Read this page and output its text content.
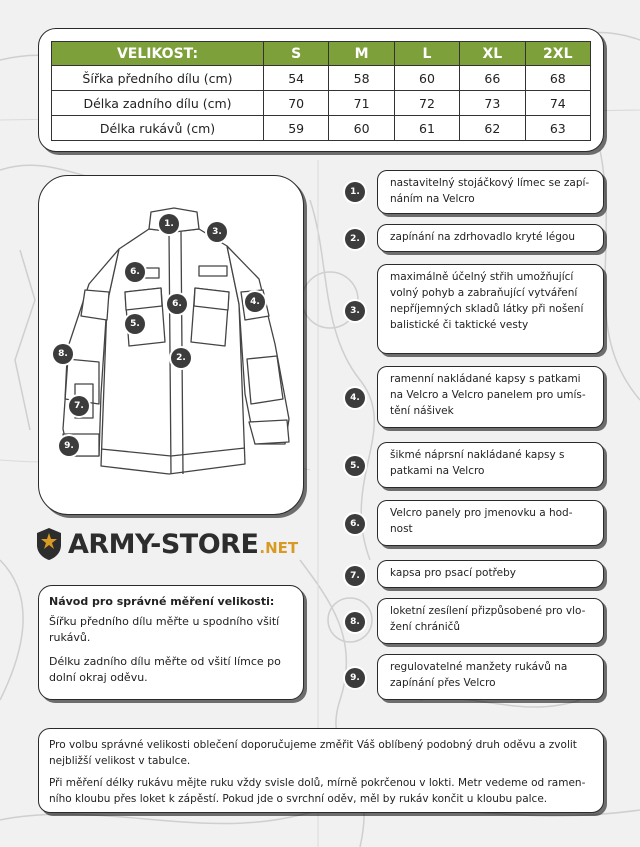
VELIKOST:	S	M	L	XL	2XL
Šířka předního dílu (cm)	54	58	60	66	68
Délka zadního dílu (cm)	70	71	72	73	74
Délka rukávů (cm)	59	60	61	62	63
1.
2.
3.
4.
5.
6.
6.
7.
8.
9.
1.
2.
3.
4.
5.
6.
7.
8.
9.
nastavitelný stojáčkový límec se zapí-
náním na Velcro
zapínání na zdrhovadlo kryté légou
maximálně účelný střih umožňující
volný pohyb a zabraňující vytváření
nepříjemných skladů látky při nošení
balistické či taktické vesty
ramenní nakládané kapsy s patkami
na Velcro a Velcro panelem pro umís-
tění nášivek
šikmé náprsní nakládané kapsy s
patkami na Velcro
Velcro panely pro jmenovku a hod-
nost
kapsa pro psací potřeby
loketní zesílení přizpůsobené pro vlo-
žení chráničů
regulovatelné manžety rukávů na
zapínání přes Velcro
ARMY-STORE .NET
Návod pro správné měření velikosti:
Šířku předního dílu měřte u spodního všití
rukávů.
Délku zadního dílu měřte od všití límce po
dolní okraj oděvu.
Pro volbu správné velikosti oblečení doporučujeme změřit Váš oblíbený podobný druh oděvu a zvolit
nejbližší velikost v tabulce.
Při měření délky rukávu mějte ruku vždy svisle dolů, mírně pokrčenou v lokti. Metr vedeme od ramen-
ního kloubu přes loket k zápěstí. Pokud jde o svrchní oděv, měl by rukáv končit u kloubu palce.
